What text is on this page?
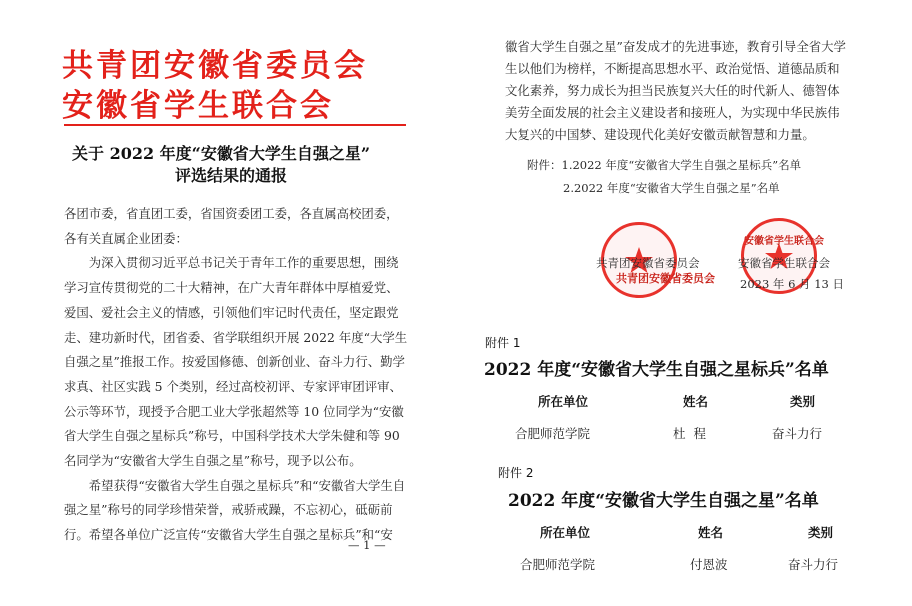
共青团安徽省委员会
安徽省学生联合会
关于 2022 年度“安徽省大学生自强之星”
评选结果的通报

各团市委，省直团工委，省国资委团工委，各直属高校团委，各有关直属企业团委：

为深入贯彻习近平总书记关于青年工作的重要思想，围绕学习宣传贯彻党的二十大精神，在广大青年群体中厚植爱党、爱国、爱社会主义的情感，引领他们牢记时代责任，坚定跟党走、建功新时代，团省委、省学联组织开展 2022 年度“大学生自强之星”推报工作。按爱国修德、创新创业、奋斗力行、勤学求真、社区实践 5 个类别，经过高校初评、专家评审团评审、公示等环节，现授予合肥工业大学张超然等 10 位同学为“安徽省大学生自强之星标兵”称号，中国科学技术大学朱健和等 90 名同学为“安徽省大学生自强之星”称号，现予以公布。

希望获得“安徽省大学生自强之星标兵”和“安徽省大学生自强之星”称号的同学珍惜荣誉，戒骄戒躁，不忘初心，砥砺前行。希望各单位广泛宣传“安徽省大学生自强之星标兵”和“安

— 1 —
徽省大学生自强之星”奋发成才的先进事迹，教育引导全省大学生以他们为榜样，不断提高思想水平、政治觉悟、道德品质和文化素养，努力成长为担当民族复兴大任的时代新人、德智体美劳全面发展的社会主义建设者和接班人，为实现中华民族伟大复兴的中国梦、建设现代化美好安徽贡献智慧和力量。
附件：1.2022 年度“安徽省大学生自强之星标兵”名单
2.2022 年度“安徽省大学生自强之星”名单
共青团安徽省委员会
安徽省学生联合会
共青团安徽省委员会	安徽省学生联合会
2023 年 6 月 13 日
附件 1
2022 年度“安徽省大学生自强之星标兵”名单
所在单位	姓名	类别
合肥师范学院	杜  程	奋斗力行
附件 2
2022 年度“安徽省大学生自强之星”名单
所在单位	姓名	类别
合肥师范学院	付恩波	奋斗力行
